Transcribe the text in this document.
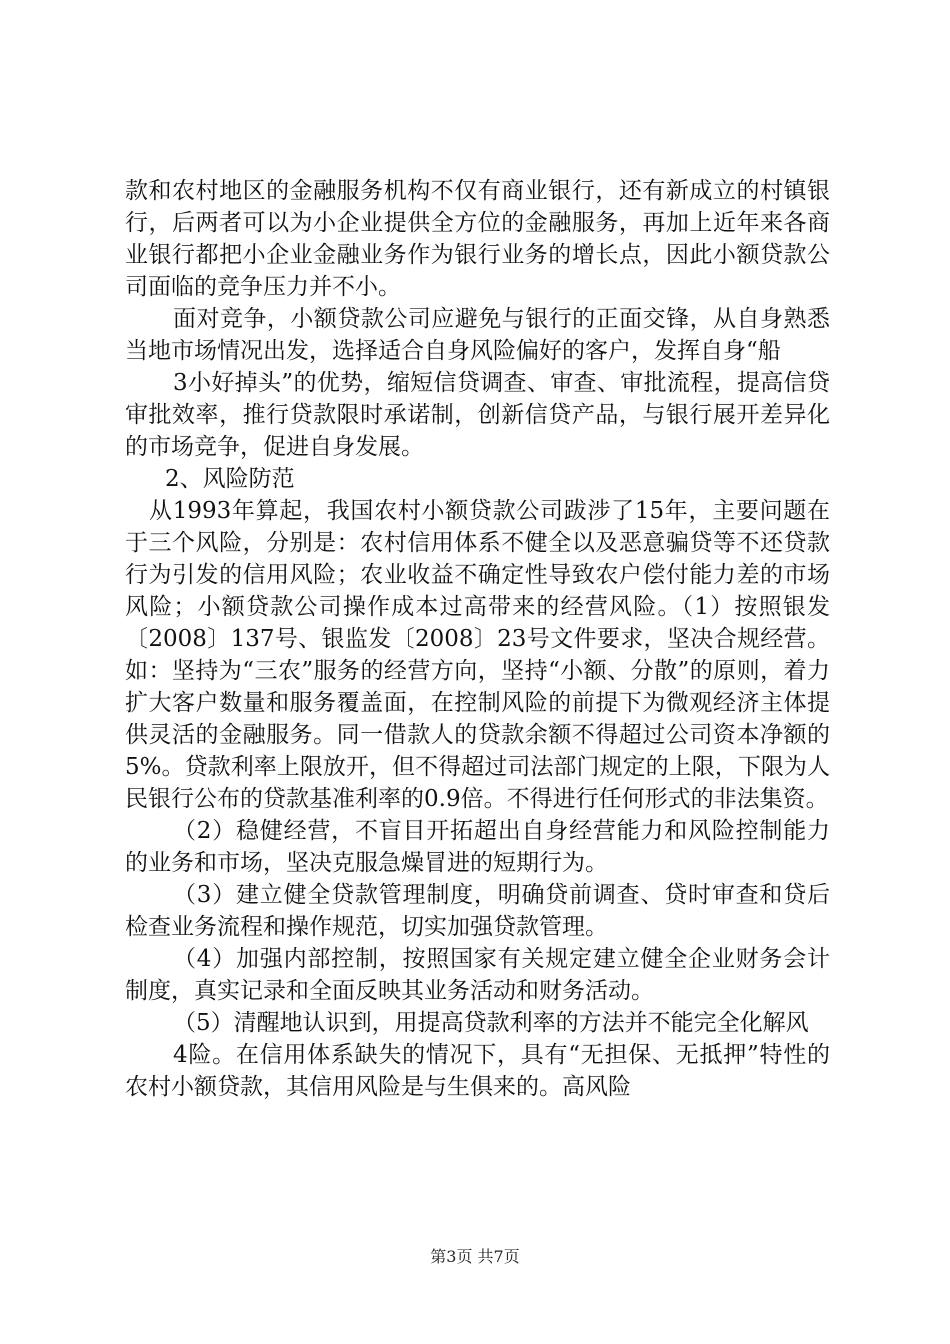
款和农村地区的金融服务机构不仅有商业银行，还有新成立的村镇银行，后两者可以为小企业提供全方位的金融服务，再加上近年来各商业银行都把小企业金融业务作为银行业务的增长点，因此小额贷款公司面临的竞争压力并不小。

面对竞争，小额贷款公司应避免与银行的正面交锋，从自身熟悉当地市场情况出发，选择适合自身风险偏好的客户，发挥自身“船

3小好掉头”的优势，缩短信贷调查、审查、审批流程，提高信贷审批效率，推行贷款限时承诺制，创新信贷产品，与银行展开差异化的市场竞争，促进自身发展。

2、风险防范

从1993年算起，我国农村小额贷款公司跋涉了15年，主要问题在于三个风险，分别是：农村信用体系不健全以及恶意骗贷等不还贷款行为引发的信用风险；农业收益不确定性导致农户偿付能力差的市场风险；小额贷款公司操作成本过高带来的经营风险。（1）按照银发〔2008〕137号、银监发〔2008〕23号文件要求，坚决合规经营。如：坚持为“三农”服务的经营方向，坚持“小额、分散”的原则，着力扩大客户数量和服务覆盖面，在控制风险的前提下为微观经济主体提供灵活的金融服务。同一借款人的贷款余额不得超过公司资本净额的5%。贷款利率上限放开，但不得超过司法部门规定的上限，下限为人民银行公布的贷款基准利率的0.9倍。不得进行任何形式的非法集资。

（2）稳健经营，不盲目开拓超出自身经营能力和风险控制能力的业务和市场，坚决克服急燥冒进的短期行为。

（3）建立健全贷款管理制度，明确贷前调查、贷时审查和贷后检查业务流程和操作规范，切实加强贷款管理。

（4）加强内部控制，按照国家有关规定建立健全企业财务会计制度，真实记录和全面反映其业务活动和财务活动。

（5）清醒地认识到，用提高贷款利率的方法并不能完全化解风

4险。在信用体系缺失的情况下，具有“无担保、无抵押”特性的农村小额贷款，其信用风险是与生俱来的。高风险

第3页 共7页
